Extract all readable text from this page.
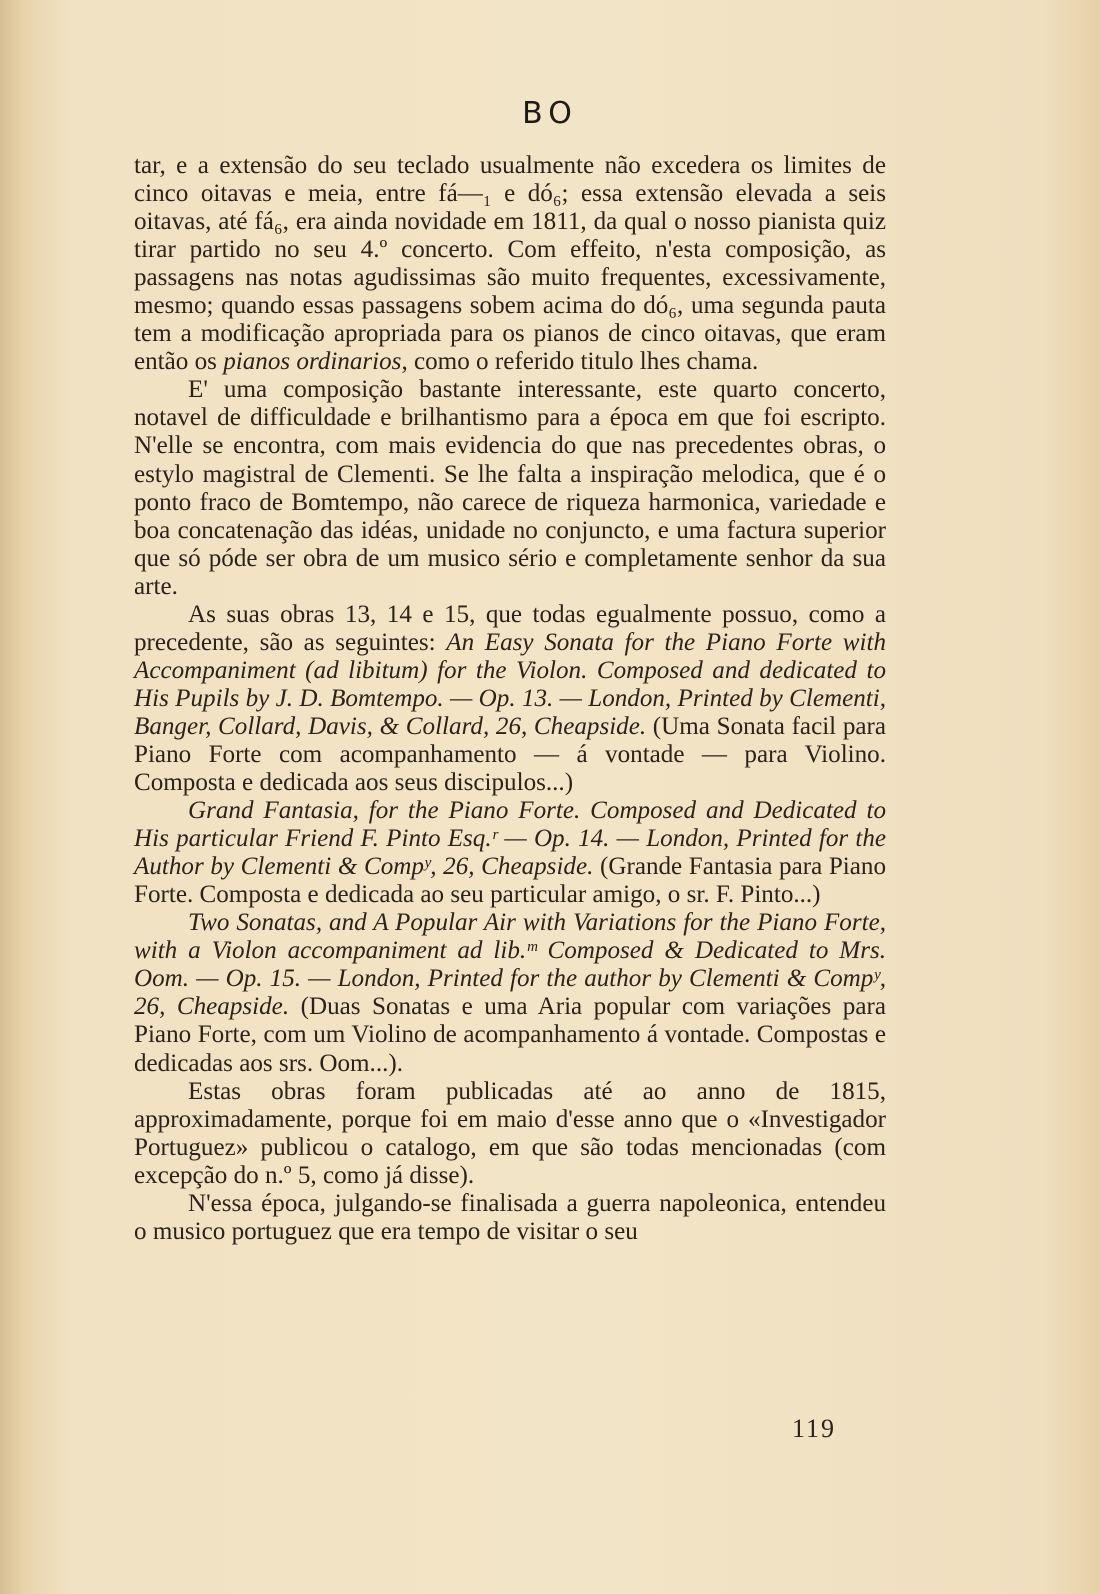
BO

tar, e a extensão do seu teclado usualmente não excedera os limites de cinco oitavas e meia, entre fá—₁ e dó₆; essa extensão elevada a seis oitavas, até fá₆, era ainda novidade em 1811, da qual o nosso pianista quiz tirar partido no seu 4.º concerto. Com effeito, n'esta composição, as passagens nas notas agudissimas são muito frequentes, excessivamente, mesmo; quando essas passagens sobem acima do dó₆, uma segunda pauta tem a modificação apropriada para os pianos de cinco oitavas, que eram então os pianos ordinarios, como o referido titulo lhes chama.

E' uma composição bastante interessante, este quarto concerto, notavel de difficuldade e brilhantismo para a época em que foi escripto. N'elle se encontra, com mais evidencia do que nas precedentes obras, o estylo magistral de Clementi. Se lhe falta a inspiração melodica, que é o ponto fraco de Bomtempo, não carece de riqueza harmonica, variedade e boa concatenação das idéas, unidade no conjuncto, e uma factura superior que só póde ser obra de um musico sério e completamente senhor da sua arte.

As suas obras 13, 14 e 15, que todas egualmente possuo, como a precedente, são as seguintes: An Easy Sonata for the Piano Forte with Accompaniment (ad libitum) for the Violon. Composed and dedicated to His Pupils by J. D. Bomtempo. — Op. 13. — London, Printed by Clementi, Banger, Collard, Davis, & Collard, 26, Cheapside. (Uma Sonata facil para Piano Forte com acompanhamento — á vontade — para Violino. Composta e dedicada aos seus discipulos...)

Grand Fantasia, for the Piano Forte. Composed and Dedicated to His particular Friend F. Pinto Esq.ʳ — Op. 14. — London, Printed for the Author by Clementi & Compʸ, 26, Cheapside. (Grande Fantasia para Piano Forte. Composta e dedicada ao seu particular amigo, o sr. F. Pinto...)

Two Sonatas, and A Popular Air with Variations for the Piano Forte, with a Violon accompaniment ad lib.ᵐ Composed & Dedicated to Mrs. Oom. — Op. 15. — London, Printed for the author by Clementi & Compʸ, 26, Cheapside. (Duas Sonatas e uma Aria popular com variações para Piano Forte, com um Violino de acompanhamento á vontade. Compostas e dedicadas aos srs. Oom...).

Estas obras foram publicadas até ao anno de 1815, approximadamente, porque foi em maio d'esse anno que o «Investigador Portuguez» publicou o catalogo, em que são todas mencionadas (com excepção do n.º 5, como já disse).

N'essa época, julgando-se finalisada a guerra napoleonica, entendeu o musico portuguez que era tempo de visitar o seu

119
